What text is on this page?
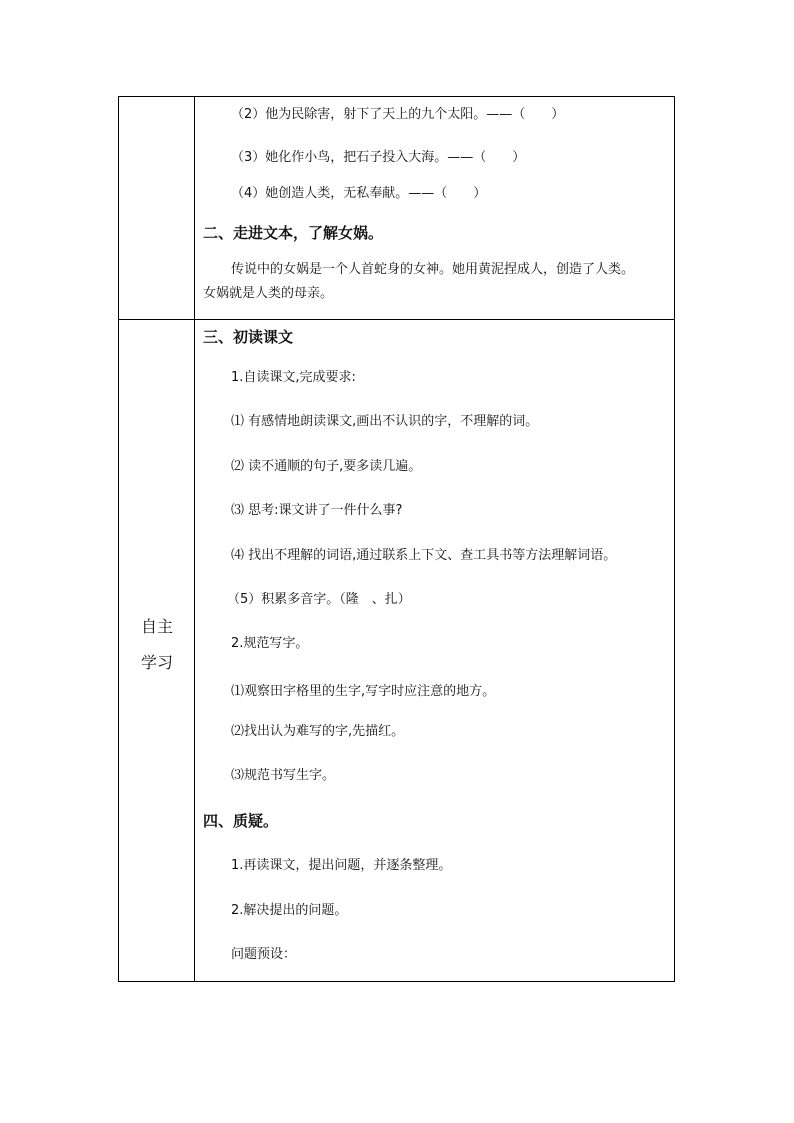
（2）他为民除害，射下了天上的九个太阳。——（　　）
（3）她化作小鸟，把石子投入大海。——（　　）
（4）她创造人类，无私奉献。——（　　）
二、走进文本，了解女娲。
传说中的女娲是一个人首蛇身的女神。她用黄泥捏成人，创造了人类。
女娲就是人类的母亲。
自主
学习
三、初读课文
1.自读课文,完成要求:
⑴ 有感情地朗读课文,画出不认识的字，不理解的词。
⑵ 读不通顺的句子,要多读几遍。
⑶ 思考:课文讲了一件什么事?
⑷ 找出不理解的词语,通过联系上下文、查工具书等方法理解词语。
（5）积累多音字。（隆　、扎）
2.规范写字。
⑴观察田字格里的生字,写字时应注意的地方。
⑵找出认为难写的字,先描红。
⑶规范书写生字。
四、质疑。
1.再读课文，提出问题，并逐条整理。
2.解决提出的问题。
问题预设：
